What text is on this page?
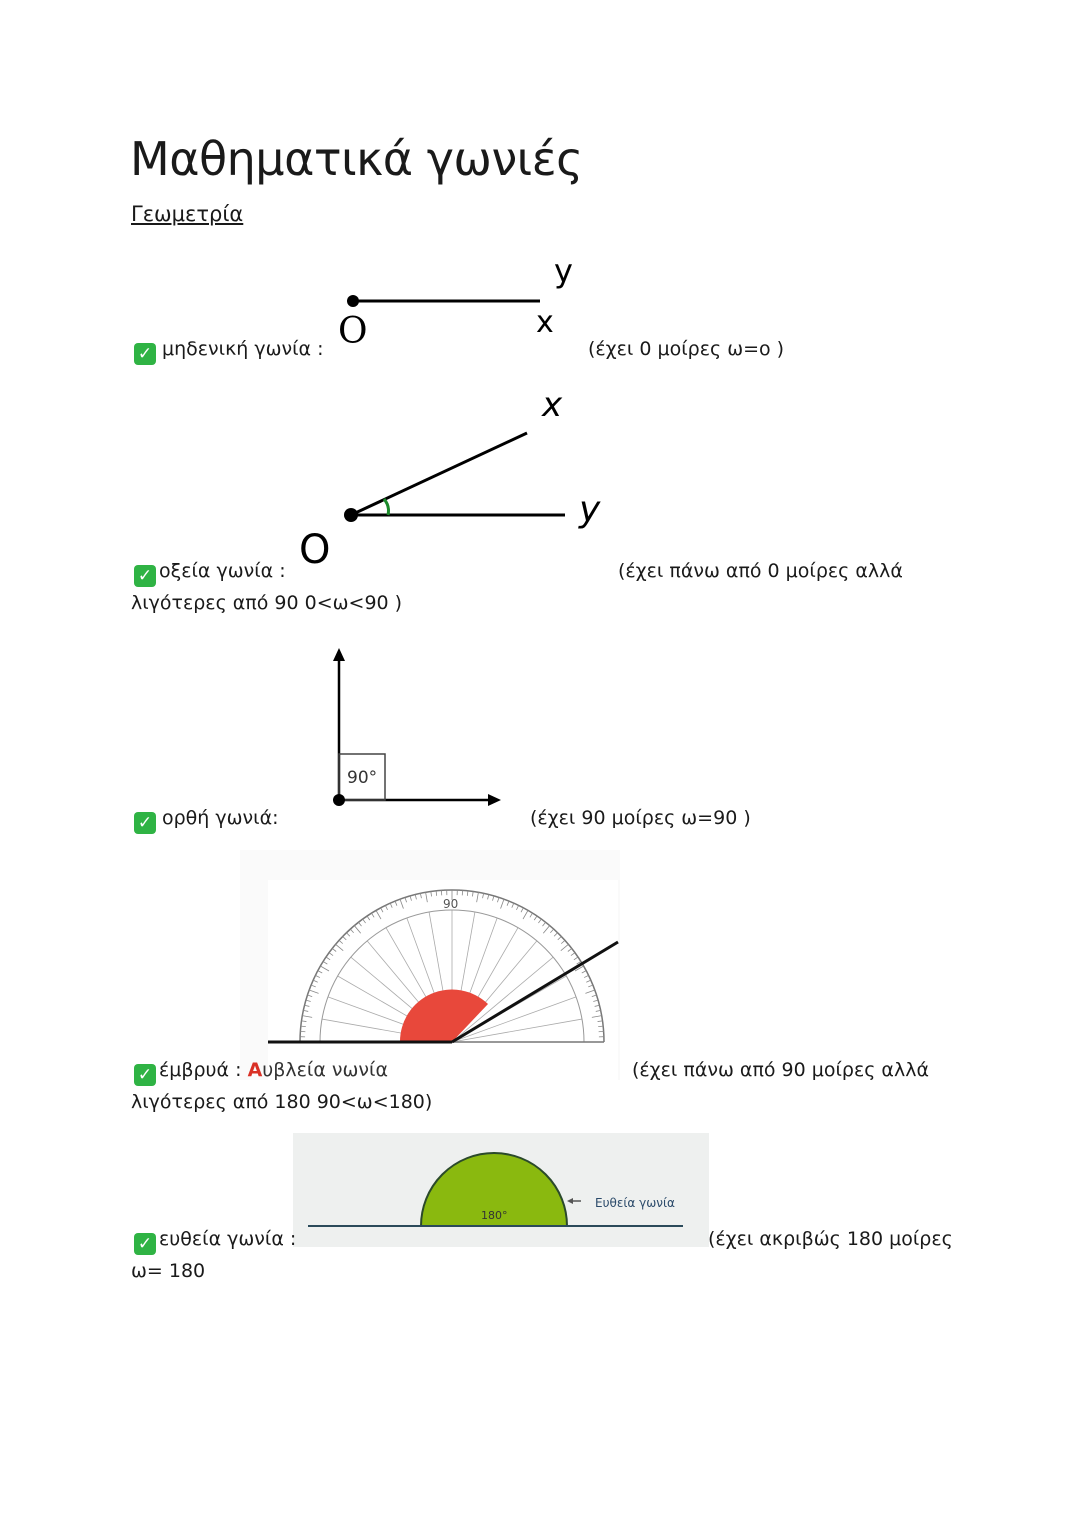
Μαθηματικά γωνιές
Γεωμετρία
O	x
y
✓ μηδενική γωνία :	(έχει 0 μοίρες ω=ο )
O
x
y
✓ οξεία γωνία :	(έχει πάνω από 0 μοίρες αλλά
λιγότερες από 90 0<ω<90 )
90°
✓ ορθή γωνιά:	(έχει 90 μοίρες ω=90 )
90
✓ έμβρυά : Αυβλεία νωνία	(έχει πάνω από 90 μοίρες αλλά
λιγότερες από 180 90<ω<180)
180°
Ευθεία γωνία
✓ ευθεία γωνία :	(έχει ακριβώς 180 μοίρες
ω= 180
